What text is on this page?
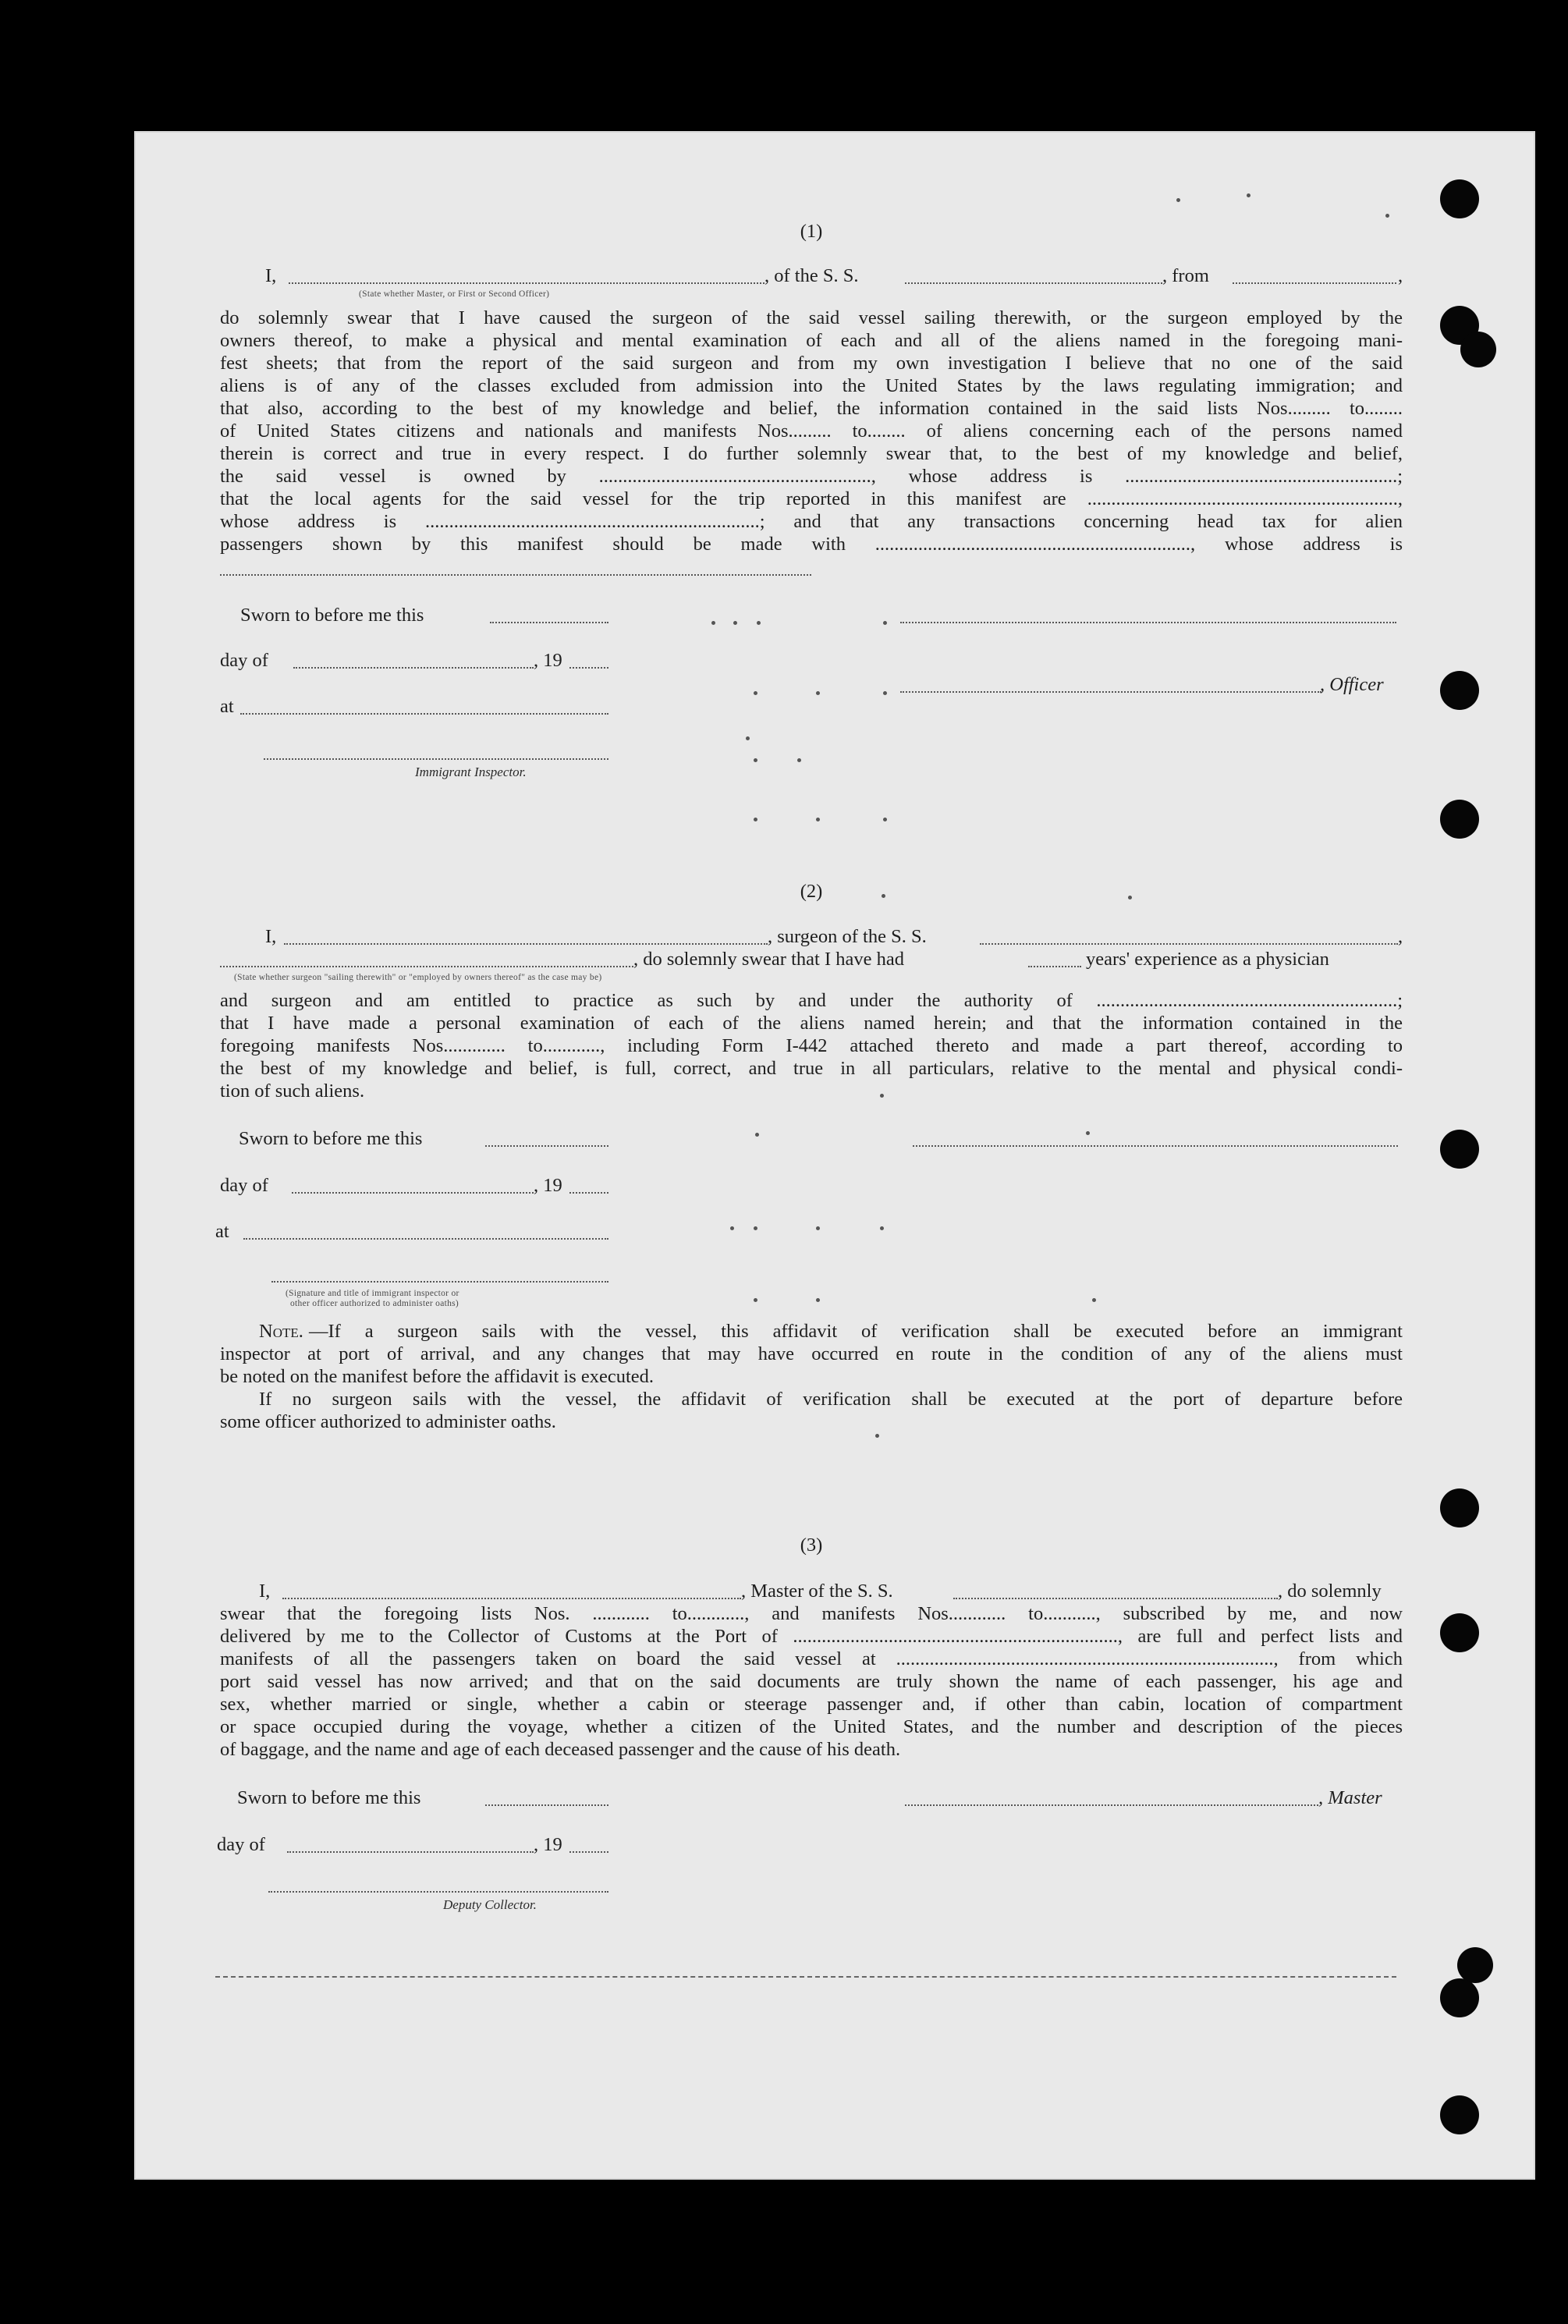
(1)
I,	, of the S. S.	, from	,
(State whether Master, or First or Second Officer)
do solemnly swear that I have caused the surgeon of the said vessel sailing therewith, or the surgeon employed by the
owners thereof, to make a physical and mental examination of each and all of the aliens named in the foregoing mani-
fest sheets; that from the report of the said surgeon and from my own investigation I believe that no one of the said
aliens is of any of the classes excluded from admission into the United States by the laws regulating immigration; and
that also, according to the best of my knowledge and belief, the information contained in the said lists Nos......... to........
of United States citizens and nationals and manifests Nos......... to........ of aliens concerning each of the persons named
therein is correct and true in every respect. I do further solemnly swear that, to the best of my knowledge and belief,
the said vessel is owned by ........................................................., whose address is .........................................................;
that the local agents for the said vessel for the trip reported in this manifest are .................................................................,
whose address is ......................................................................; and that any transactions concerning head tax for alien
passengers shown by this manifest should be made with .................................................................., whose address is
Sworn to before me this
day of	, 19
, Officer
at
Immigrant Inspector.
(2)
I,	, surgeon of the S. S.	,
, do solemnly swear that I have had	years' experience as a physician
(State whether surgeon "sailing therewith" or "employed by owners thereof" as the case may be)
and surgeon and am entitled to practice as such by and under the authority of ...............................................................;
that I have made a personal examination of each of the aliens named herein; and that the information contained in the
foregoing manifests Nos............. to............, including Form I-442 attached thereto and made a part thereof, according to
the best of my knowledge and belief, is full, correct, and true in all particulars, relative to the mental and physical condi-
tion of such aliens.
Sworn to before me this
day of	, 19
at
(Signature and title of immigrant inspector or
other officer authorized to administer oaths)
Note. —If a surgeon sails with the vessel, this affidavit of verification shall be executed before an immigrant
inspector at port of arrival, and any changes that may have occurred en route in the condition of any of the aliens must
be noted on the manifest before the affidavit is executed.
If no surgeon sails with the vessel, the affidavit of verification shall be executed at the port of departure before
some officer authorized to administer oaths.
(3)
I,	, Master of the S. S.	, do solemnly
swear that the foregoing lists Nos. ............ to............, and manifests Nos............ to..........., subscribed by me, and now
delivered by me to the Collector of Customs at the Port of ...................................................................., are full and perfect lists and
manifests of all the passengers taken on board the said vessel at ..............................................................................., from which
port said vessel has now arrived; and that on the said documents are truly shown the name of each passenger, his age and
sex, whether married or single, whether a cabin or steerage passenger and, if other than cabin, location of compartment
or space occupied during the voyage, whether a citizen of the United States, and the number and description of the pieces
of baggage, and the name and age of each deceased passenger and the cause of his death.
Sworn to before me this	, Master
day of	, 19
Deputy Collector.
